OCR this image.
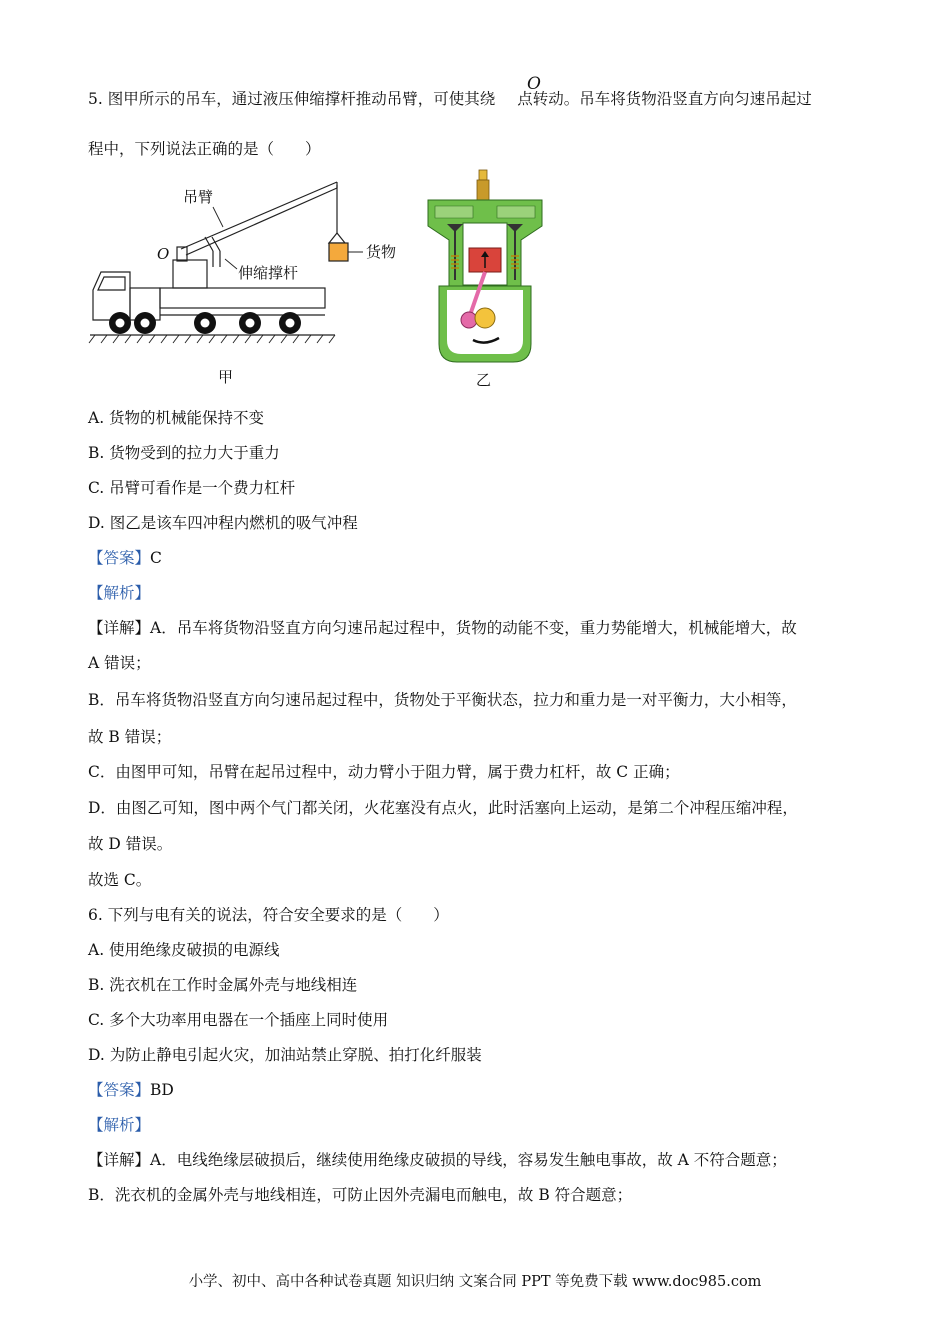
5. 图甲所示的吊车，通过液压伸缩撑杆推动吊臂，可使其绕 点转动。吊车将货物沿竖直方向匀速吊起过
O
程中，下列说法正确的是（　　）
吊臂
O
伸缩撑杆
货物
甲	乙
A. 货物的机械能保持不变
B. 货物受到的拉力大于重力
C. 吊臂可看作是一个费力杠杆
D. 图乙是该车四冲程内燃机的吸气冲程
【答案】C
【解析】
【详解】A．吊车将货物沿竖直方向匀速吊起过程中，货物的动能不变，重力势能增大，机械能增大，故
A 错误；
B．吊车将货物沿竖直方向匀速吊起过程中，货物处于平衡状态，拉力和重力是一对平衡力，大小相等，
故 B 错误；
C．由图甲可知，吊臂在起吊过程中，动力臂小于阻力臂，属于费力杠杆，故 C 正确；
D．由图乙可知，图中两个气门都关闭，火花塞没有点火，此时活塞向上运动，是第二个冲程压缩冲程，
故 D 错误。
故选 C。
6. 下列与电有关的说法，符合安全要求的是（　　）
A. 使用绝缘皮破损的电源线
B. 洗衣机在工作时金属外壳与地线相连
C. 多个大功率用电器在一个插座上同时使用
D. 为防止静电引起火灾，加油站禁止穿脱、拍打化纤服装
【答案】BD
【解析】
【详解】A．电线绝缘层破损后，继续使用绝缘皮破损的导线，容易发生触电事故，故 A 不符合题意；
B．洗衣机的金属外壳与地线相连，可防止因外壳漏电而触电，故 B 符合题意；
小学、初中、高中各种试卷真题 知识归纳 文案合同 PPT 等免费下载 www.doc985.com
